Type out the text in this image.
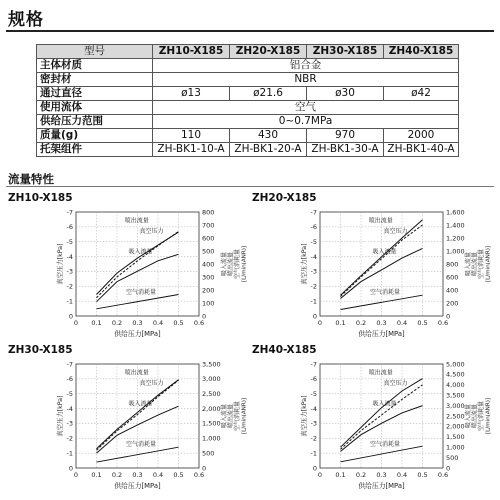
规格
型号	ZH10-X185	ZH20-X185	ZH30-X185	ZH40-X185
主体材质	铝合金			
密封材	NBR			
通过直径	ø13	ø21.6	ø30	ø42
使用流体	空气			
供给压力范围	0~0.7MPa			
质量(g)	110	430	970	2000
托架组件	ZH-BK1-10-A	ZH-BK1-20-A	ZH-BK1-30-A	ZH-BK1-40-A
流量特性
ZH10-X185	ZH20-X185
ZH30-X185	ZH40-X185
0 0.1 0.2 0.3 0.4 0.5 0.6
-7
-6
-5
-4
-3
-2
-1
0	0
100
200
300
400
500
600
700
800
真空压力[kPa]	吸入流量 喷出流量 空气消耗量 [L/min(ANR)]
供给压力[MPa]
喷出流量
真空压力
吸入流量
空气消耗量
0 0.1 0.2 0.3 0.4 0.5 0.6
-7
-6
-5
-4
-3
-2
-1
0	0
200
400
600
800
1,000
1,200
1,400
1,600
真空压力[kPa]	吸入流量 喷出流量 空气消耗量 [L/min(ANR)]
供给压力[MPa]
喷出流量
真空压力
吸入流量
空气消耗量
0 0.1 0.2 0.3 0.4 0.5 0.6
-7
-6
-5
-4
-3
-2
-1
0	0
500
1,000
1,500
2,000
2,500
3,000
3,500
真空压力[kPa]	吸入流量 喷出流量 空气消耗量 [L/min(ANR)]
供给压力[MPa]
喷出流量
真空压力
吸入流量
空气消耗量
0 0.1 0.2 0.3 0.4 0.5 0.6
-7
-6
-5
-4
-3
-2
-1
0	0
500
1,000
1,500
2,000
2,500
3,000
3,500
4,000
4,500
5,000
真空压力[kPa]	吸入流量 喷出流量 空气消耗量 [L/min(ANR)]
供给压力[MPa]
喷出流量
真空压力
吸入流量
空气消耗量
